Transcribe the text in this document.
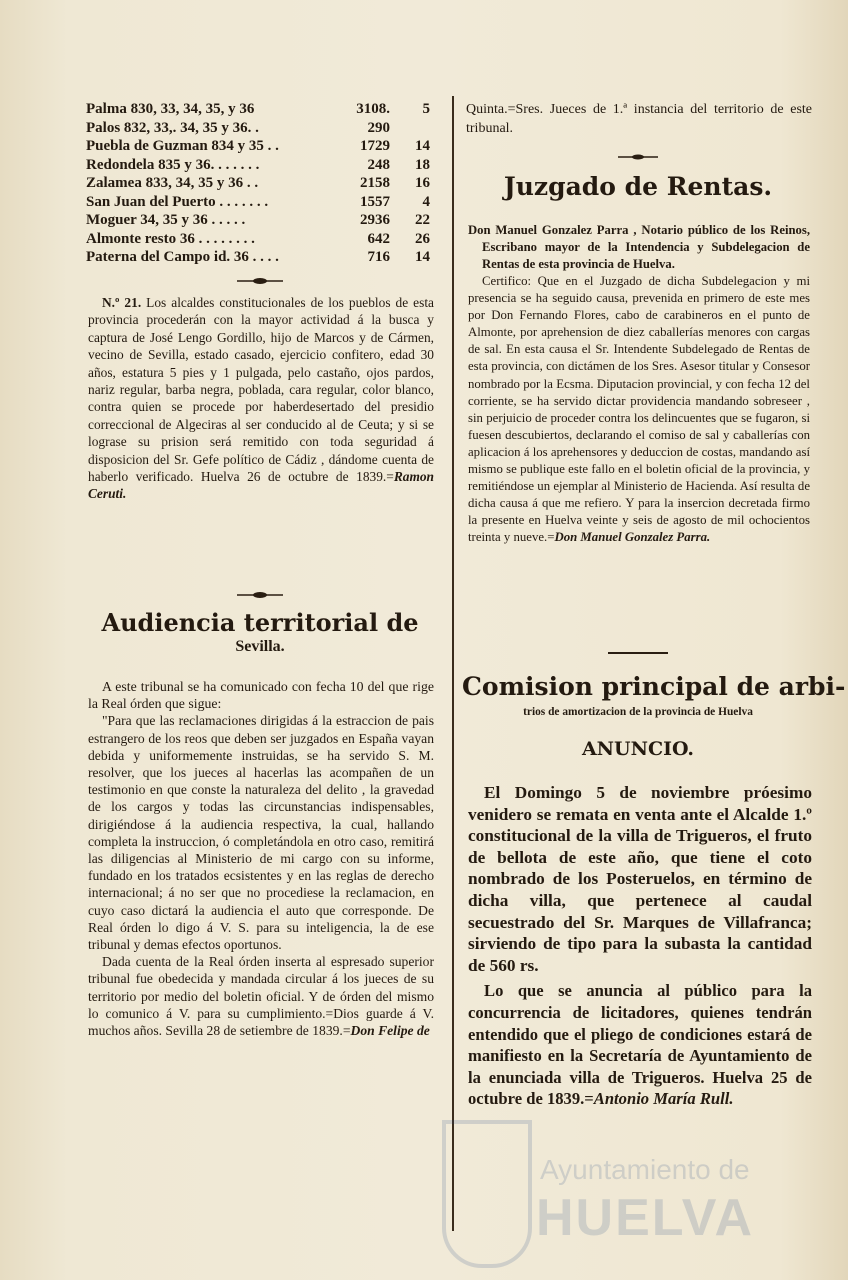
Palma 830, 33, 34, 35, y 36	3108.	5
Palos 832, 33,. 34, 35 y 36. .	290
Puebla de Guzman 834 y 35 . .	1729	14
Redondela 835 y 36. . . . . . .	248	18
Zalamea 833, 34, 35 y 36 . .	2158	16
San Juan del Puerto . . . . . . .	1557	4
Moguer 34, 35 y 36 . . . . .	2936	22
Almonte resto 36 . . . . . . . .	642	26
Paterna del Campo id. 36 . . . .	716	14

N.º 21. Los alcaldes constitucionales de los pueblos de esta provincia procederán con la mayor actividad á la busca y captura de José Lengo Gordillo, hijo de Marcos y de Cármen, vecino de Sevilla, estado casado, ejercicio confitero, edad 30 años, estatura 5 pies y 1 pulgada, pelo castaño, ojos pardos, nariz regular, barba negra, poblada, cara regular, color blanco, contra quien se procede por haberdesertado del presidio correccional de Algeciras al ser conducido al de Ceuta; y si se lograse su prision será remitido con toda seguridad á disposicion del Sr. Gefe político de Cádiz , dándome cuenta de haberlo verificado. Huelva 26 de octubre de 1839.=Ramon Ceruti.

Audiencia territorial de
Sevilla.

A este tribunal se ha comunicado con fecha 10 del que rige la Real órden que sigue:

"Para que las reclamaciones dirigidas á la estraccion de pais estrangero de los reos que deben ser juzgados en España vayan debida y uniformemente instruidas, se ha servido S. M. resolver, que los jueces al hacerlas las acompañen de un testimonio en que conste la naturaleza del delito , la gravedad de los cargos y todas las circunstancias indispensables, dirigiéndose á la audiencia respectiva, la cual, hallando completa la instruccion, ó completándola en otro caso, remitirá las diligencias al Ministerio de mi cargo con su informe, fundado en los tratados ecsistentes y en las reglas de derecho internacional; á no ser que no procediese la reclamacion, en cuyo caso dictará la audiencia el auto que corresponde. De Real órden lo digo á V. S. para su inteligencia, la de ese tribunal y demas efectos oportunos.

Dada cuenta de la Real órden inserta al espresado superior tribunal fue obedecida y mandada circular á los jueces de su territorio por medio del boletin oficial. Y de órden del mismo lo comunico á V. para su cumplimiento.=Dios guarde á V. muchos años. Sevilla 28 de setiembre de 1839.=Don Felipe de

Quinta.=Sres. Jueces de 1.ª instancia del territorio de este tribunal.

Juzgado de Rentas.

Don Manuel Gonzalez Parra , Notario público de los Reinos, Escribano mayor de la Intendencia y Subdelegacion de Rentas de esta provincia de Huelva.

Certifico: Que en el Juzgado de dicha Subdelegacion y mi presencia se ha seguido causa, prevenida en primero de este mes por Don Fernando Flores, cabo de carabineros en el punto de Almonte, por aprehension de diez caballerías menores con cargas de sal. En esta causa el Sr. Intendente Subdelegado de Rentas de esta provincia, con dictámen de los Sres. Asesor titular y Consesor nombrado por la Ecsma. Diputacion provincial, y con fecha 12 del corriente, se ha servido dictar providencia mandando sobreseer , sin perjuicio de proceder contra los delincuentes que se fugaron, si fuesen descubiertos, declarando el comiso de sal y caballerías con aplicacion á los aprehensores y deduccion de costas, mandando así mismo se publique este fallo en el boletin oficial de la provincia, y remitiéndose un ejemplar al Ministerio de Hacienda. Así resulta de dicha causa á que me refiero. Y para la insercion decretada firmo la presente en Huelva veinte y seis de agosto de mil ochocientos treinta y nueve.=Don Manuel Gonzalez Parra.

Comision principal de arbi-
trios de amortizacion de la provincia de Huelva
ANUNCIO.

El Domingo 5 de noviembre próesimo venidero se remata en venta ante el Alcalde 1.º constitucional de la villa de Trigueros, el fruto de bellota de este año, que tiene el coto nombrado de los Posteruelos, en término de dicha villa, que pertenece al caudal secuestrado del Sr. Marques de Villafranca; sirviendo de tipo para la subasta la cantidad de 560 rs.

Lo que se anuncia al público para la concurrencia de licitadores, quienes tendrán entendido que el pliego de condiciones estará de manifiesto en la Secretaría de Ayuntamiento de la enunciada villa de Trigueros. Huelva 25 de octubre de 1839.=Antonio María Rull.

Ayuntamiento de
HUELVA
